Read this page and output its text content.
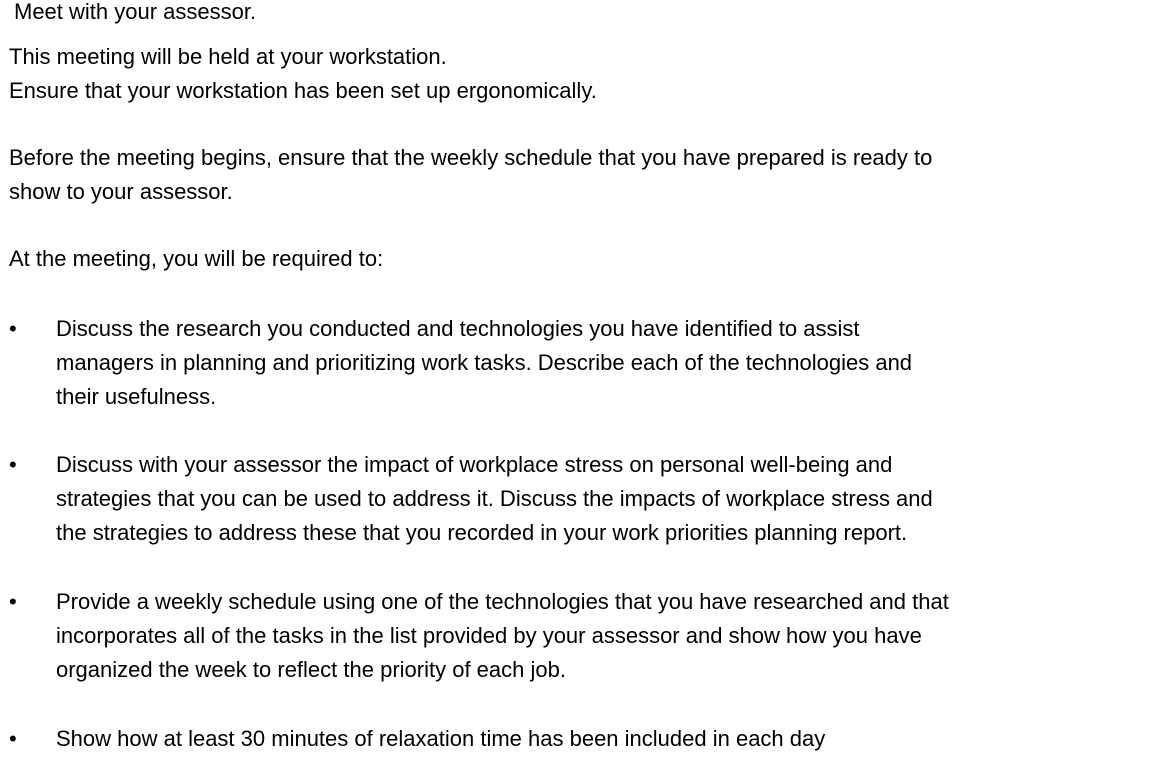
Meet with your assessor.

This meeting will be held at your workstation.
Ensure that your workstation has been set up ergonomically.

Before the meeting begins, ensure that the weekly schedule that you have prepared is ready to
show to your assessor.

At the meeting, you will be required to:

• Discuss the research you conducted and technologies you have identified to assist
managers in planning and prioritizing work tasks. Describe each of the technologies and
their usefulness.
• Discuss with your assessor the impact of workplace stress on personal well-being and
strategies that you can be used to address it. Discuss the impacts of workplace stress and
the strategies to address these that you recorded in your work priorities planning report.
• Provide a weekly schedule using one of the technologies that you have researched and that
incorporates all of the tasks in the list provided by your assessor and show how you have
organized the week to reflect the priority of each job.
• Show how at least 30 minutes of relaxation time has been included in each day
